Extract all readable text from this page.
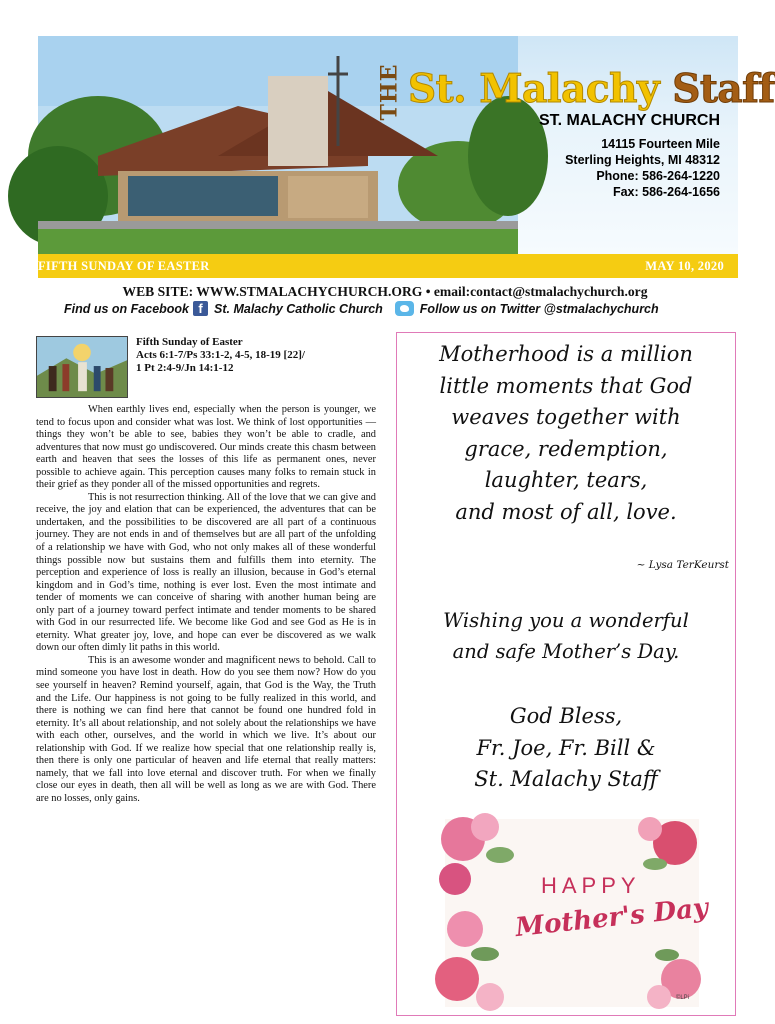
THE St. Malachy Staff
ST. MALACHY CHURCH
14115 Fourteen Mile
Sterling Heights, MI 48312
Phone: 586-264-1220
Fax: 586-264-1656
FIFTH SUNDAY OF EASTER	MAY 10, 2020
WEB SITE: WWW.STMALACHYCHURCH.ORG • email:contact@stmalachychurch.org
Find us on Facebook f St. Malachy Catholic Church	Follow us on Twitter @stmalachychurch
Fifth Sunday of Easter
Acts 6:1-7/Ps 33:1-2, 4-5, 18-19 [22]/
1 Pt 2:4-9/Jn 14:1-12

When earthly lives end, especially when the person is younger, we tend to focus upon and consider what was lost. We think of lost opportunities — things they won’t be able to see, babies they won’t be able to cradle, and adventures that now must go undiscovered. Our minds create this chasm between earth and heaven that sees the losses of this life as permanent ones, never possible to achieve again. This perception causes many folks to remain stuck in their grief as they ponder all of the missed opportunities and regrets.

This is not resurrection thinking. All of the love that we can give and receive, the joy and elation that can be experienced, the adventures that can be undertaken, and the possibilities to be discovered are all part of a continuous journey. They are not ends in and of themselves but are all part of the unfolding of a relationship we have with God, who not only makes all of these wonderful things possible now but sustains them and fulfills them into eternity. The perception and experience of loss is really an illusion, because in God’s eternal kingdom and in God’s time, nothing is ever lost. Even the most intimate and tender of moments we can conceive of sharing with another human being are only part of a journey toward perfect intimate and tender moments to be shared with God in our resurrected life. We become like God and see God as He is in eternity. What greater joy, love, and hope can ever be discovered as we walk down our often dimly lit paths in this world.

This is an awesome wonder and magnificent news to behold. Call to mind someone you have lost in death. How do you see them now? How do you see yourself in heaven? Remind yourself, again, that God is the Way, the Truth and the Life. Our happiness is not going to be fully realized in this world, and there is nothing we can find here that cannot be found one hundred fold in eternity. It’s all about relationship, and not solely about the relationships we have with each other, ourselves, and the world in which we live. It’s about our relationship with God. If we realize how special that one relationship really is, then there is only one particular of heaven and life eternal that really matters: namely, that we fall into love eternal and discover truth. For when we finally close our eyes in death, then all will be well as long as we are with God. There are no losses, only gains.

Motherhood is a million
little moments that God
weaves together with
grace, redemption,
laughter, tears,
and most of all, love.
~ Lysa TerKeurst
Wishing you a wonderful
and safe Mother’s Day.
God Bless,
Fr. Joe, Fr. Bill &
St. Malachy Staff
HAPPY
Mother's Day
©LPi
